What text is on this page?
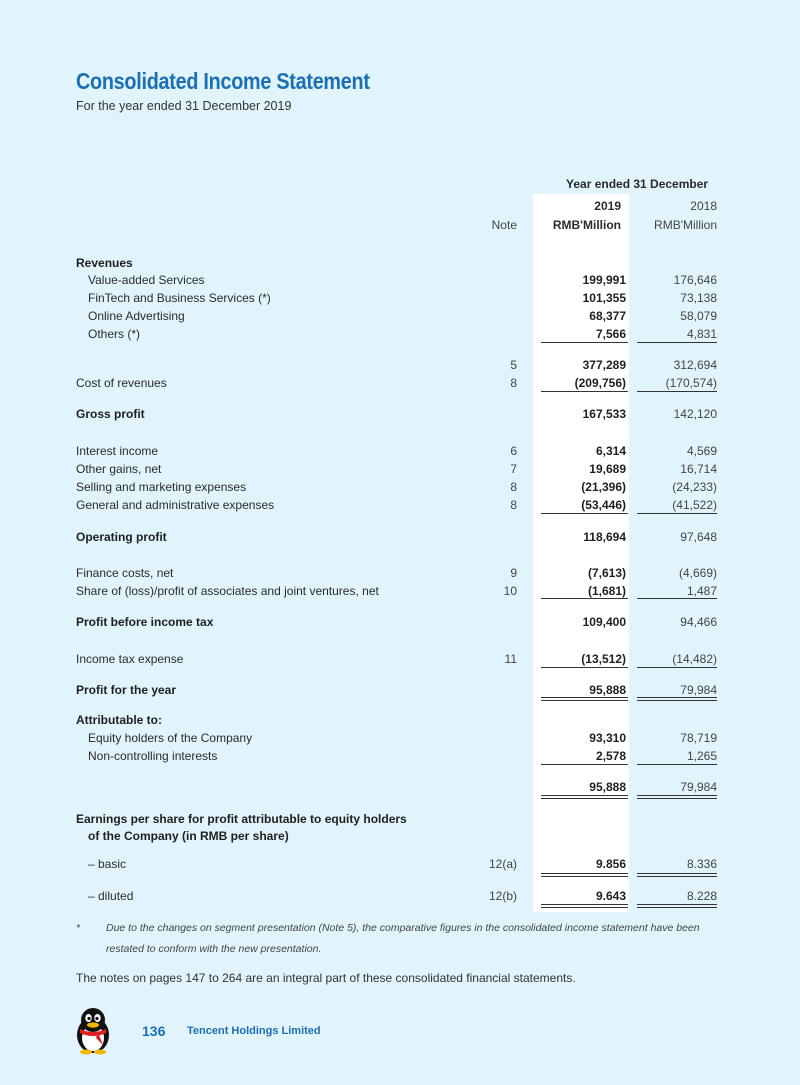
Consolidated Income Statement
For the year ended 31 December 2019
Year ended 31 December
2019	2018
Note	RMB'Million	RMB'Million
Revenues
Value-added Services	199,991	176,646
FinTech and Business Services (*)	101,355	73,138
Online Advertising	68,377	58,079
Others (*)	7,566	4,831
5	377,289	312,694
Cost of revenues	8	(209,756)	(170,574)
Gross profit	167,533	142,120
Interest income	6	6,314	4,569
Other gains, net	7	19,689	16,714
Selling and marketing expenses	8	(21,396)	(24,233)
General and administrative expenses	8	(53,446)	(41,522)
Operating profit	118,694	97,648
Finance costs, net	9	(7,613)	(4,669)
Share of (loss)/profit of associates and joint ventures, net	10	(1,681)	1,487
Profit before income tax	109,400	94,466
Income tax expense	11	(13,512)	(14,482)
Profit for the year	95,888	79,984
Attributable to:
Equity holders of the Company	93,310	78,719
Non-controlling interests	2,578	1,265
95,888	79,984
Earnings per share for profit attributable to equity holders
of the Company (in RMB per share)
– basic	12(a)	9.856	8.336
– diluted	12(b)	9.643	8.228
* Due to the changes on segment presentation (Note 5), the comparative figures in the consolidated income statement have been restated to conform with the new presentation.
The notes on pages 147 to 264 are an integral part of these consolidated financial statements.
136 Tencent Holdings Limited
